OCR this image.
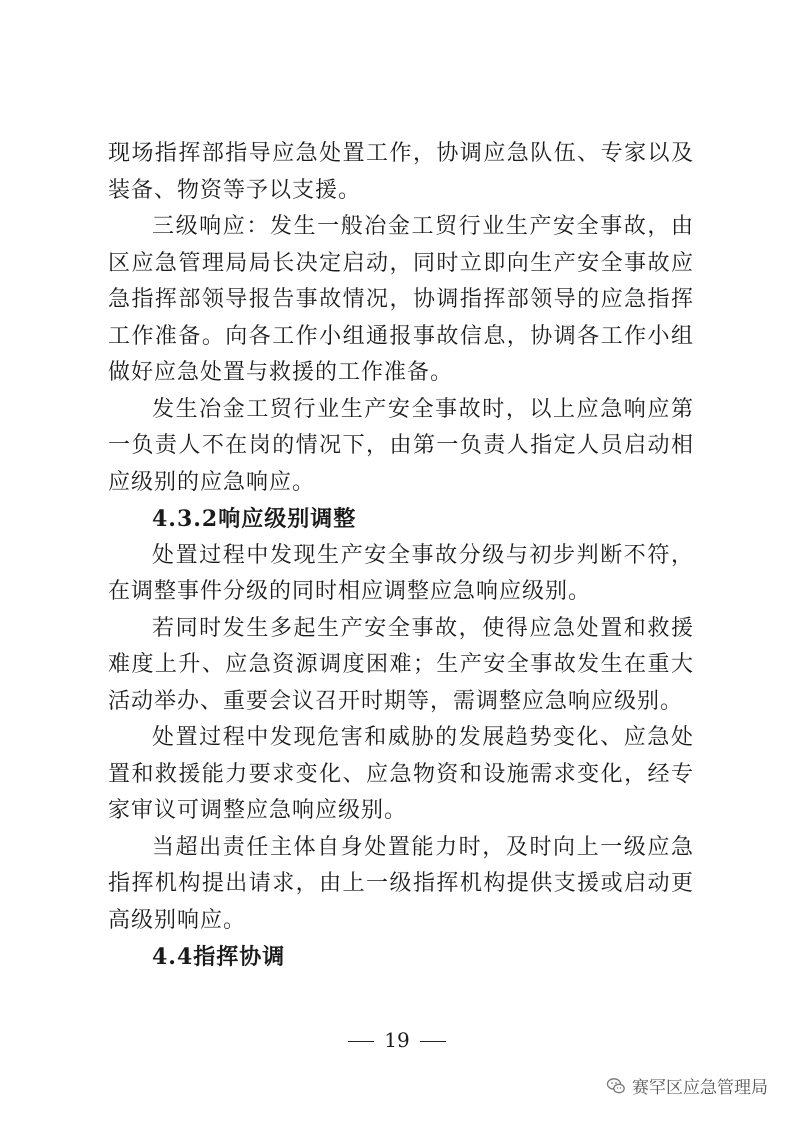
现场指挥部指导应急处置工作，协调应急队伍、专家以及装备、物资等予以支援。

三级响应：发生一般冶金工贸行业生产安全事故，由区应急管理局局长决定启动，同时立即向生产安全事故应急指挥部领导报告事故情况，协调指挥部领导的应急指挥工作准备。向各工作小组通报事故信息，协调各工作小组做好应急处置与救援的工作准备。

发生冶金工贸行业生产安全事故时，以上应急响应第一负责人不在岗的情况下，由第一负责人指定人员启动相应级别的应急响应。

4.3.2响应级别调整

处置过程中发现生产安全事故分级与初步判断不符，在调整事件分级的同时相应调整应急响应级别。

若同时发生多起生产安全事故，使得应急处置和救援难度上升、应急资源调度困难；生产安全事故发生在重大活动举办、重要会议召开时期等，需调整应急响应级别。

处置过程中发现危害和威胁的发展趋势变化、应急处置和救援能力要求变化、应急物资和设施需求变化，经专家审议可调整应急响应级别。

当超出责任主体自身处置能力时，及时向上一级应急指挥机构提出请求，由上一级指挥机构提供支援或启动更高级别响应。

4.4指挥协调

19
赛罕区应急管理局
